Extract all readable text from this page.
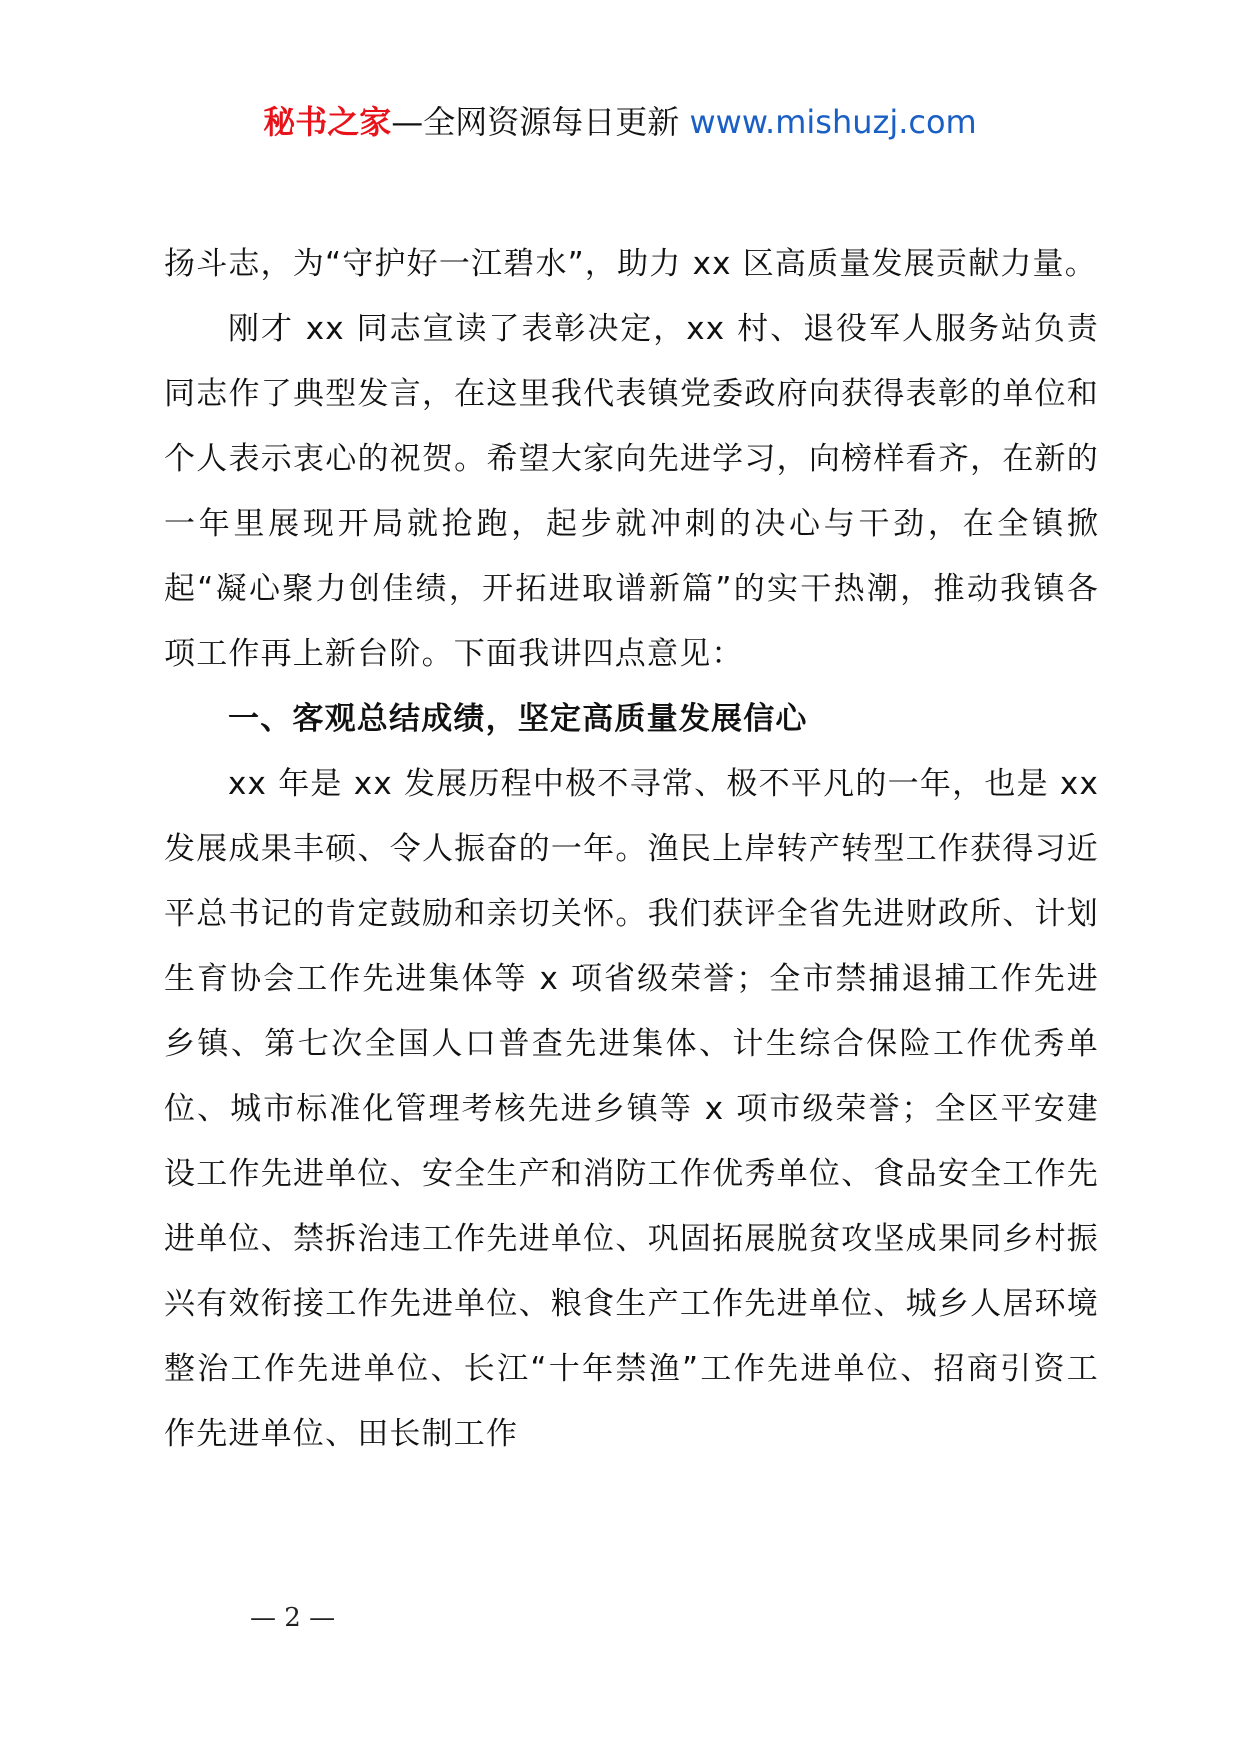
秘书之家—全网资源每日更新 www.mishuzj.com

扬斗志，为“守护好一江碧水”，助力 xx 区高质量发展贡献力量。

刚才 xx 同志宣读了表彰决定，xx 村、退役军人服务站负责同志作了典型发言，在这里我代表镇党委政府向获得表彰的单位和个人表示衷心的祝贺。希望大家向先进学习，向榜样看齐，在新的一年里展现开局就抢跑，起步就冲刺的决心与干劲，在全镇掀起“凝心聚力创佳绩，开拓进取谱新篇”的实干热潮，推动我镇各项工作再上新台阶。下面我讲四点意见：

一、客观总结成绩，坚定高质量发展信心

xx 年是 xx 发展历程中极不寻常、极不平凡的一年，也是 xx 发展成果丰硕、令人振奋的一年。渔民上岸转产转型工作获得习近平总书记的肯定鼓励和亲切关怀。我们获评全省先进财政所、计划生育协会工作先进集体等 x 项省级荣誉；全市禁捕退捕工作先进乡镇、第七次全国人口普查先进集体、计生综合保险工作优秀单位、城市标准化管理考核先进乡镇等 x 项市级荣誉；全区平安建设工作先进单位、安全生产和消防工作优秀单位、食品安全工作先进单位、禁拆治违工作先进单位、巩固拓展脱贫攻坚成果同乡村振兴有效衔接工作先进单位、粮食生产工作先进单位、城乡人居环境整治工作先进单位、长江“十年禁渔”工作先进单位、招商引资工作先进单位、田长制工作

— 2 —
